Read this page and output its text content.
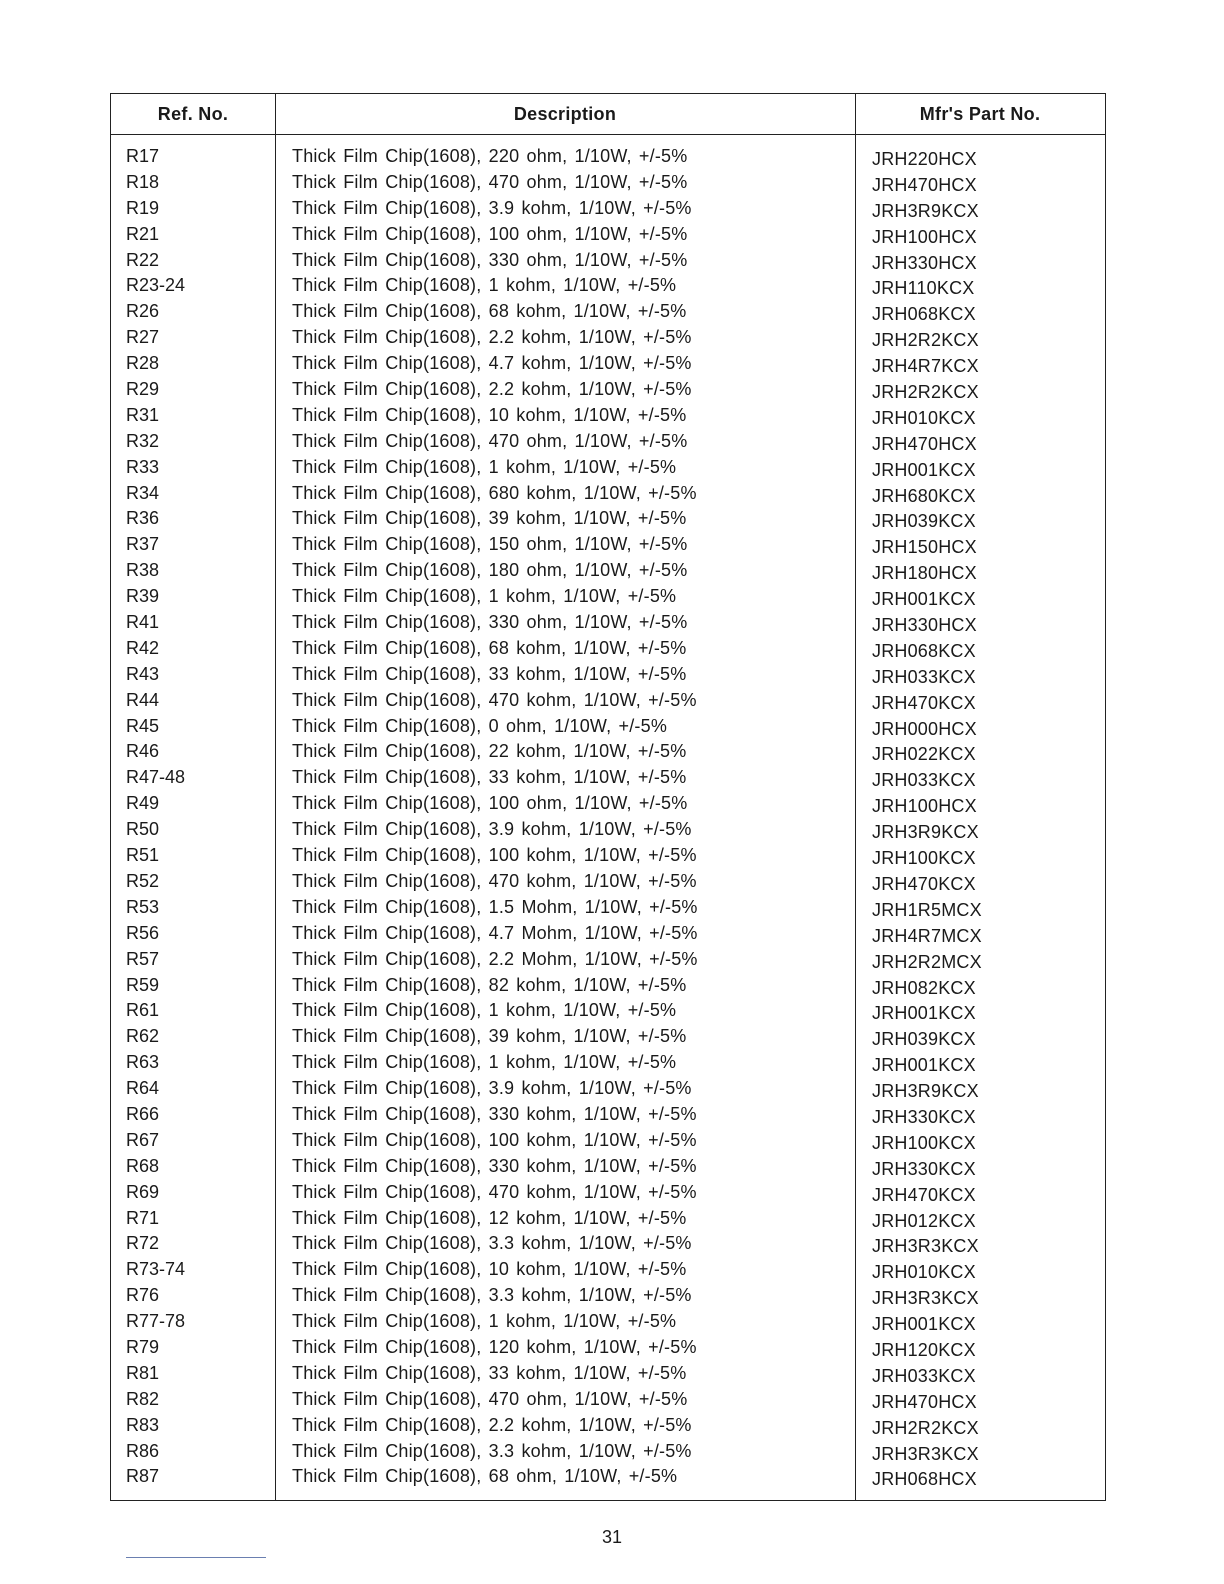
Ref. No.	Description	Mfr's Part No.
R17	Thick Film Chip(1608), 220 ohm, 1/10W, +/-5%	JRH220HCX
R18	Thick Film Chip(1608), 470 ohm, 1/10W, +/-5%	JRH470HCX
R19	Thick Film Chip(1608), 3.9 kohm, 1/10W, +/-5%	JRH3R9KCX
R21	Thick Film Chip(1608), 100 ohm, 1/10W, +/-5%	JRH100HCX
R22	Thick Film Chip(1608), 330 ohm, 1/10W, +/-5%	JRH330HCX
R23-24	Thick Film Chip(1608), 1 kohm, 1/10W, +/-5%	JRH110KCX
R26	Thick Film Chip(1608), 68 kohm, 1/10W, +/-5%	JRH068KCX
R27	Thick Film Chip(1608), 2.2 kohm, 1/10W, +/-5%	JRH2R2KCX
R28	Thick Film Chip(1608), 4.7 kohm, 1/10W, +/-5%	JRH4R7KCX
R29	Thick Film Chip(1608), 2.2 kohm, 1/10W, +/-5%	JRH2R2KCX
R31	Thick Film Chip(1608), 10 kohm, 1/10W, +/-5%	JRH010KCX
R32	Thick Film Chip(1608), 470 ohm, 1/10W, +/-5%	JRH470HCX
R33	Thick Film Chip(1608), 1 kohm, 1/10W, +/-5%	JRH001KCX
R34	Thick Film Chip(1608), 680 kohm, 1/10W, +/-5%	JRH680KCX
R36	Thick Film Chip(1608), 39 kohm, 1/10W, +/-5%	JRH039KCX
R37	Thick Film Chip(1608), 150 ohm, 1/10W, +/-5%	JRH150HCX
R38	Thick Film Chip(1608), 180 ohm, 1/10W, +/-5%	JRH180HCX
R39	Thick Film Chip(1608), 1 kohm, 1/10W, +/-5%	JRH001KCX
R41	Thick Film Chip(1608), 330 ohm, 1/10W, +/-5%	JRH330HCX
R42	Thick Film Chip(1608), 68 kohm, 1/10W, +/-5%	JRH068KCX
R43	Thick Film Chip(1608), 33 kohm, 1/10W, +/-5%	JRH033KCX
R44	Thick Film Chip(1608), 470 kohm, 1/10W, +/-5%	JRH470KCX
R45	Thick Film Chip(1608), 0 ohm, 1/10W, +/-5%	JRH000HCX
R46	Thick Film Chip(1608), 22 kohm, 1/10W, +/-5%	JRH022KCX
R47-48	Thick Film Chip(1608), 33 kohm, 1/10W, +/-5%	JRH033KCX
R49	Thick Film Chip(1608), 100 ohm, 1/10W, +/-5%	JRH100HCX
R50	Thick Film Chip(1608), 3.9 kohm, 1/10W, +/-5%	JRH3R9KCX
R51	Thick Film Chip(1608), 100 kohm, 1/10W, +/-5%	JRH100KCX
R52	Thick Film Chip(1608), 470 kohm, 1/10W, +/-5%	JRH470KCX
R53	Thick Film Chip(1608), 1.5 Mohm, 1/10W, +/-5%	JRH1R5MCX
R56	Thick Film Chip(1608), 4.7 Mohm, 1/10W, +/-5%	JRH4R7MCX
R57	Thick Film Chip(1608), 2.2 Mohm, 1/10W, +/-5%	JRH2R2MCX
R59	Thick Film Chip(1608), 82 kohm, 1/10W, +/-5%	JRH082KCX
R61	Thick Film Chip(1608), 1 kohm, 1/10W, +/-5%	JRH001KCX
R62	Thick Film Chip(1608), 39 kohm, 1/10W, +/-5%	JRH039KCX
R63	Thick Film Chip(1608), 1 kohm, 1/10W, +/-5%	JRH001KCX
R64	Thick Film Chip(1608), 3.9 kohm, 1/10W, +/-5%	JRH3R9KCX
R66	Thick Film Chip(1608), 330 kohm, 1/10W, +/-5%	JRH330KCX
R67	Thick Film Chip(1608), 100 kohm, 1/10W, +/-5%	JRH100KCX
R68	Thick Film Chip(1608), 330 kohm, 1/10W, +/-5%	JRH330KCX
R69	Thick Film Chip(1608), 470 kohm, 1/10W, +/-5%	JRH470KCX
R71	Thick Film Chip(1608), 12 kohm, 1/10W, +/-5%	JRH012KCX
R72	Thick Film Chip(1608), 3.3 kohm, 1/10W, +/-5%	JRH3R3KCX
R73-74	Thick Film Chip(1608), 10 kohm, 1/10W, +/-5%	JRH010KCX
R76	Thick Film Chip(1608), 3.3 kohm, 1/10W, +/-5%	JRH3R3KCX
R77-78	Thick Film Chip(1608), 1 kohm, 1/10W, +/-5%	JRH001KCX
R79	Thick Film Chip(1608), 120 kohm, 1/10W, +/-5%	JRH120KCX
R81	Thick Film Chip(1608), 33 kohm, 1/10W, +/-5%	JRH033KCX
R82	Thick Film Chip(1608), 470 ohm, 1/10W, +/-5%	JRH470HCX
R83	Thick Film Chip(1608), 2.2 kohm, 1/10W, +/-5%	JRH2R2KCX
R86	Thick Film Chip(1608), 3.3 kohm, 1/10W, +/-5%	JRH3R3KCX
R87	Thick Film Chip(1608), 68 ohm, 1/10W, +/-5%	JRH068HCX
31
